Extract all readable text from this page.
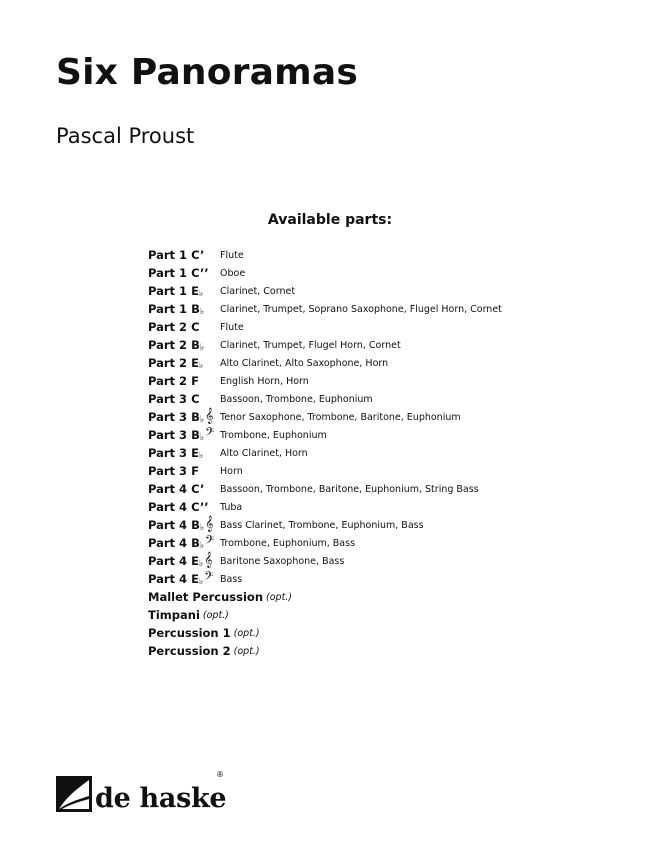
Six Panoramas
Pascal Proust
Available parts:
Part 1 C’	Flute
Part 1 C’’	Oboe
Part 1 E♭	Clarinet, Cornet
Part 1 B♭	Clarinet, Trumpet, Soprano Saxophone, Flugel Horn, Cornet
Part 2 C	Flute
Part 2 B♭	Clarinet, Trumpet, Flugel Horn, Cornet
Part 2 E♭	Alto Clarinet, Alto Saxophone, Horn
Part 2 F	English Horn, Horn
Part 3 C	Bassoon, Trombone, Euphonium
Part 3 B♭𝄞 Tenor Saxophone, Trombone, Baritone, Euphonium
Part 3 B♭𝄢 Trombone, Euphonium
Part 3 E♭	Alto Clarinet, Horn
Part 3 F	Horn
Part 4 C’	Bassoon, Trombone, Baritone, Euphonium, String Bass
Part 4 C’’	Tuba
Part 4 B♭𝄞 Bass Clarinet, Trombone, Euphonium, Bass
Part 4 B♭𝄢 Trombone, Euphonium, Bass
Part 4 E♭𝄞 Baritone Saxophone, Bass
Part 4 E♭𝄢 Bass
Mallet Percussion (opt.)
Timpani (opt.)
Percussion 1 (opt.)
Percussion 2 (opt.)
de haske
®
